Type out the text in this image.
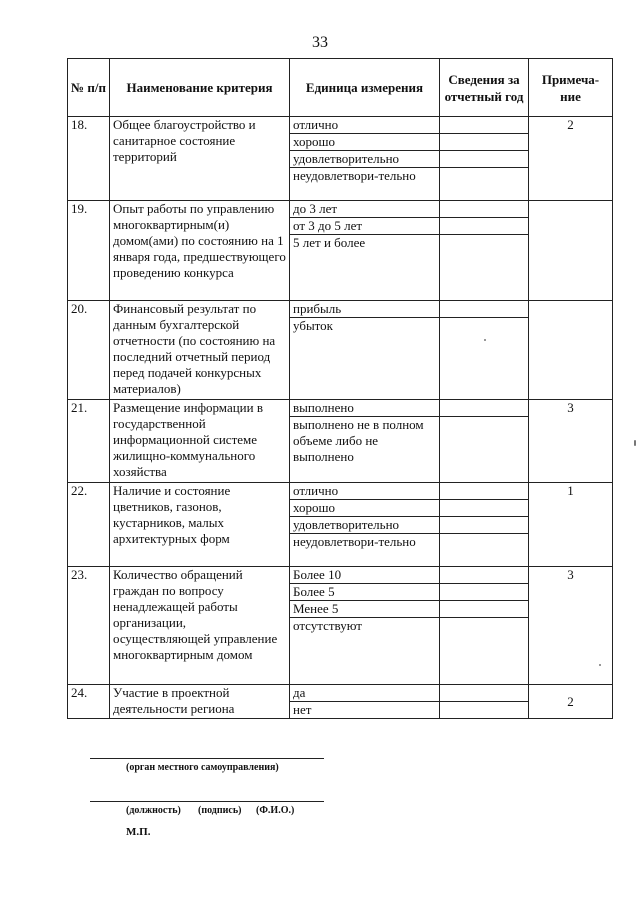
33
№ п/п	Наименование критерия	Единица измерения	Сведения за отчетный год	Примеча-ние
18.	Общее благоустройство и санитарное состояние территорий	отлично		2
		хорошо		
		удовлетворительно		
		неудовлетвори-тельно		
19.	Опыт работы по управлению многоквартирным(и) домом(ами) по состоянию на 1 января года, предшествующего проведению конкурса	до 3 лет		
		от 3 до 5 лет		
		5 лет и более		
20.	Финансовый результат по данным бухгалтерской отчетности (по состоянию на последний отчетный период перед подачей конкурсных материалов)	прибыль		
		убыток		
21.	Размещение информации в государственной информационной системе жилищно-коммунального хозяйства	выполнено		3
		выполнено не в полном объеме либо не выполнено		
22.	Наличие и состояние цветников, газонов, кустарников, малых архитектурных форм	отлично		1
		хорошо		
		удовлетворительно		
		неудовлетвори-тельно		
23.	Количество обращений граждан по вопросу ненадлежащей работы организации, осуществляющей управление многоквартирным домом	Более 10		3
		Более 5		
		Менее 5		
		отсутствуют		
24.	Участие в проектной деятельности региона	да		2
		нет		
(орган местного самоуправления)
(должность) (подпись) (Ф.И.О.)
М.П.
